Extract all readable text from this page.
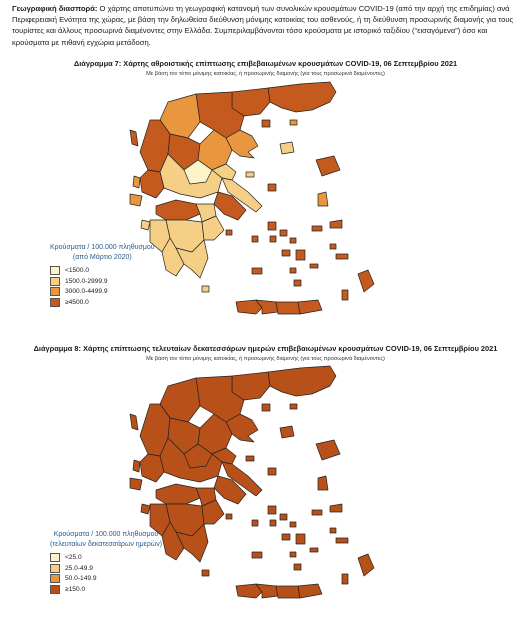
Γεωγραφική διασπορά: Ο χάρτης αποτυπώνει τη γεωγραφική κατανομή των συνολικών κρουσμάτων COVID-19 (από την αρχή της επιδημίας) ανά Περιφερειακή Ενότητα της χώρας, με βάση την δηλωθείσα διεύθυνση μόνιμης κατοικίας του ασθενούς, ή τη διεύθυνση προσωρινής διαμονής για τους τουρίστες και άλλους προσωρινά διαμένοντες στην Ελλάδα. Συμπεριλαμβάνονται τόσο κρούσματα με ιστορικό ταξιδίου (“εισαγόμενα”) όσο και κρούσματα με πιθανή εγχώρια μετάδοση.
Διάγραμμα 7: Χάρτης αθροιστικής επίπτωσης επιβεβαιωμένων κρουσμάτων COVID-19, 06 Σεπτεμβρίου 2021
Με βάση τον τόπο μόνιμης κατοικίας, ή προσωρινής διαμονής (για τους προσωρινά διαμένοντες)
Κρούσματα / 100.000 πληθυσμού
(από Μάρτιο 2020)
<1500.0
1500.0-2999.9
3000.0-4499.9
≥4500.0
Διάγραμμα 8: Χάρτης επίπτωσης τελευταίων δεκατεσσάρων ημερών επιβεβαιωμένων κρουσμάτων COVID-19, 06 Σεπτεμβρίου 2021
Με βάση τον τόπο μόνιμης κατοικίας, ή προσωρινής διαμονής (για τους προσωρινά διαμένοντες)
Κρούσματα / 100.000 πληθυσμού
(τελευταίων δεκατεσσάρων ημερών)
<25.0
25.0-49.9
50.0-149.9
≥150.0
